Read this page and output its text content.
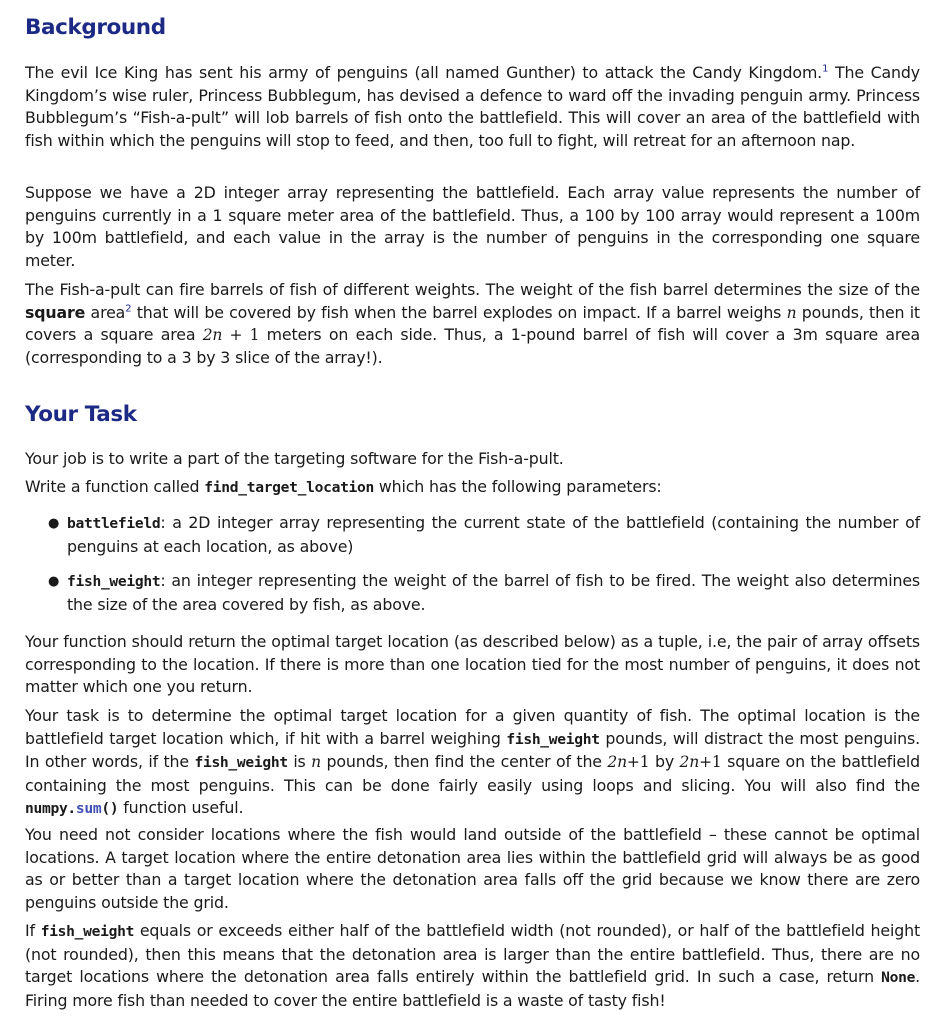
Background
The evil Ice King has sent his army of penguins (all named Gunther) to attack the Candy Kingdom.$^1$ The Candy Kingdom’s wise ruler, Princess Bubblegum, has devised a defence to ward off the invading penguin army. Princess Bubblegum’s “Fish-a-pult” will lob barrels of fish onto the battlefield. This will cover an area of the battlefield with fish within which the penguins will stop to feed, and then, too full to fight, will retreat for an afternoon nap.
Suppose we have a 2D integer array representing the battlefield. Each array value represents the number of penguins currently in a 1 square meter area of the battlefield. Thus, a 100 by 100 array would represent a 100m by 100m battlefield, and each value in the array is the number of penguins in the corresponding one square meter.
The Fish-a-pult can fire barrels of fish of different weights. The weight of the fish barrel determines the size of the square area$^2$ that will be covered by fish when the barrel explodes on impact. If a barrel weighs n pounds, then it covers a square area 2n + 1 meters on each side. Thus, a 1-pound barrel of fish will cover a 3m square area (corresponding to a 3 by 3 slice of the array!).
Your Task
Your job is to write a part of the targeting software for the Fish-a-pult.
Write a function called find_target_location which has the following parameters:
● battlefield: a 2D integer array representing the current state of the battlefield (containing the number of penguins at each location, as above)
● fish_weight: an integer representing the weight of the barrel of fish to be fired. The weight also determines the size of the area covered by fish, as above.
Your function should return the optimal target location (as described below) as a tuple, i.e, the pair of array offsets corresponding to the location. If there is more than one location tied for the most number of penguins, it does not matter which one you return.
Your task is to determine the optimal target location for a given quantity of fish. The optimal location is the battlefield target location which, if hit with a barrel weighing fish_weight pounds, will distract the most penguins. In other words, if the fish_weight is n pounds, then find the center of the 2n+1 by 2n+1 square on the battlefield containing the most penguins. This can be done fairly easily using loops and slicing. You will also find the numpy.sum() function useful.
You need not consider locations where the fish would land outside of the battlefield – these cannot be optimal locations. A target location where the entire detonation area lies within the battlefield grid will always be as good as or better than a target location where the detonation area falls off the grid because we know there are zero penguins outside the grid.
If fish_weight equals or exceeds either half of the battlefield width (not rounded), or half of the battlefield height (not rounded), then this means that the detonation area is larger than the entire battlefield. Thus, there are no target locations where the detonation area falls entirely within the battlefield grid. In such a case, return None. Firing more fish than needed to cover the entire battlefield is a waste of tasty fish!
